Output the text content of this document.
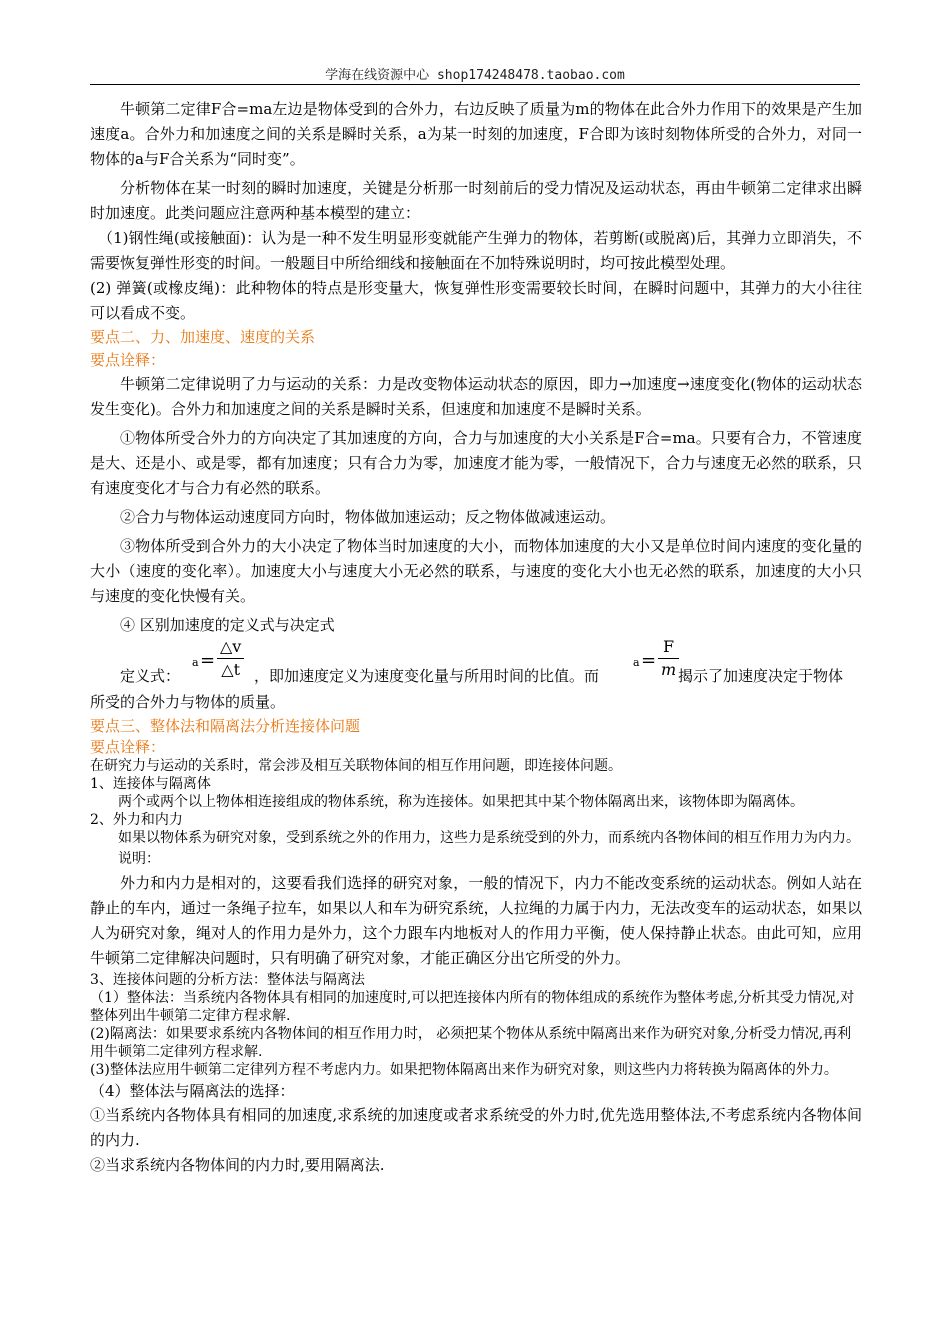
学海在线资源中心 shop174248478.taobao.com

牛顿第二定律F合=ma左边是物体受到的合外力，右边反映了质量为m的物体在此合外力作用下的效果是产生加速度a。合外力和加速度之间的关系是瞬时关系，a为某一时刻的加速度，F合即为该时刻物体所受的合外力，对同一物体的a与F合关系为“同时变”。

分析物体在某一时刻的瞬时加速度，关键是分析那一时刻前后的受力情况及运动状态，再由牛顿第二定律求出瞬时加速度。此类问题应注意两种基本模型的建立：

（1)钢性绳(或接触面)：认为是一种不发生明显形变就能产生弹力的物体，若剪断(或脱离)后，其弹力立即消失，不需要恢复弹性形变的时间。一般题目中所给细线和接触面在不加特殊说明时，均可按此模型处理。

(2) 弹簧(或橡皮绳)：此种物体的特点是形变量大，恢复弹性形变需要较长时间，在瞬时问题中，其弹力的大小往往可以看成不变。

要点二、力、加速度、速度的关系

要点诠释：

牛顿第二定律说明了力与运动的关系：力是改变物体运动状态的原因，即力→加速度→速度变化(物体的运动状态发生变化)。合外力和加速度之间的关系是瞬时关系，但速度和加速度不是瞬时关系。

①物体所受合外力的方向决定了其加速度的方向，合力与加速度的大小关系是F合=ma。只要有合力，不管速度是大、还是小、或是零，都有加速度；只有合力为零，加速度才能为零，一般情况下，合力与速度无必然的联系，只有速度变化才与合力有必然的联系。

②合力与物体运动速度同方向时，物体做加速运动；反之物体做减速运动。

③物体所受到合外力的大小决定了物体当时加速度的大小，而物体加速度的大小又是单位时间内速度的变化量的大小（速度的变化率）。加速度大小与速度大小无必然的联系，与速度的变化大小也无必然的联系，加速度的大小只与速度的变化快慢有关。

④ 区别加速度的定义式与决定式

定义式：
a =
△v
△t ，即加速度定义为速度变化量与所用时间的比值。而
a =
F
m 揭示了加速度决定于物体

所受的合外力与物体的质量。

要点三、整体法和隔离法分析连接体问题

要点诠释：

在研究力与运动的关系时，常会涉及相互关联物体间的相互作用问题，即连接体问题。

1、连接体与隔离体

两个或两个以上物体相连接组成的物体系统，称为连接体。如果把其中某个物体隔离出来，该物体即为隔离体。

2、外力和内力

如果以物体系为研究对象，受到系统之外的作用力，这些力是系统受到的外力，而系统内各物体间的相互作用力为内力。

说明：

外力和内力是相对的，这要看我们选择的研究对象，一般的情况下，内力不能改变系统的运动状态。例如人站在静止的车内，通过一条绳子拉车，如果以人和车为研究系统，人拉绳的力属于内力，无法改变车的运动状态，如果以人为研究对象，绳对人的作用力是外力，这个力跟车内地板对人的作用力平衡，使人保持静止状态。由此可知，应用牛顿第二定律解决问题时，只有明确了研究对象，才能正确区分出它所受的外力。

3、连接体问题的分析方法：整体法与隔离法

（1）整体法：当系统内各物体具有相同的加速度时,可以把连接体内所有的物体组成的系统作为整体考虑,分析其受力情况,对整体列出牛顿第二定律方程求解.

(2)隔离法：如果要求系统内各物体间的相互作用力时， 必须把某个物体从系统中隔离出来作为研究对象,分析受力情况,再利用牛顿第二定律列方程求解.

(3)整体法应用牛顿第二定律列方程不考虑内力。如果把物体隔离出来作为研究对象，则这些内力将转换为隔离体的外力。

（4）整体法与隔离法的选择：

①当系统内各物体具有相同的加速度,求系统的加速度或者求系统受的外力时,优先选用整体法,不考虑系统内各物体间的内力.

②当求系统内各物体间的内力时,要用隔离法.
